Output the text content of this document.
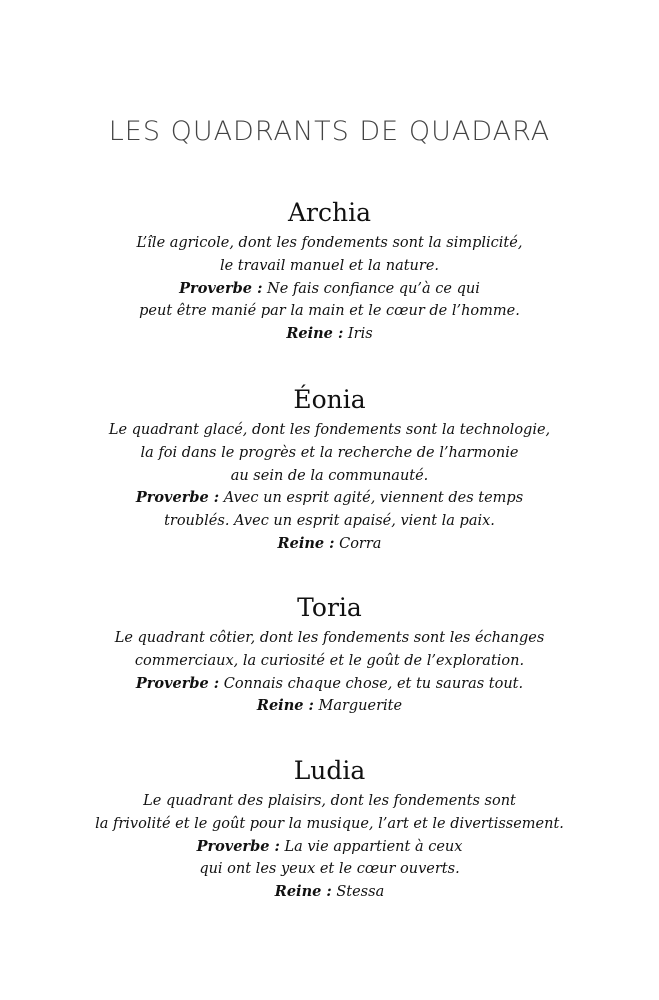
LES QUADRANTS DE QUADARA
Archia
L’île agricole, dont les fondements sont la simplicité,
le travail manuel et la nature.
Proverbe : Ne fais confiance qu’à ce qui
peut être manié par la main et le cœur de l’homme.
Reine : Iris
Éonia
Le quadrant glacé, dont les fondements sont la technologie,
la foi dans le progrès et la recherche de l’harmonie
au sein de la communauté.
Proverbe : Avec un esprit agité, viennent des temps
troublés. Avec un esprit apaisé, vient la paix.
Reine : Corra
Toria
Le quadrant côtier, dont les fondements sont les échanges
commerciaux, la curiosité et le goût de l’exploration.
Proverbe : Connais chaque chose, et tu sauras tout.
Reine : Marguerite
Ludia
Le quadrant des plaisirs, dont les fondements sont
la frivolité et le goût pour la musique, l’art et le divertissement.
Proverbe : La vie appartient à ceux
qui ont les yeux et le cœur ouverts.
Reine : Stessa
